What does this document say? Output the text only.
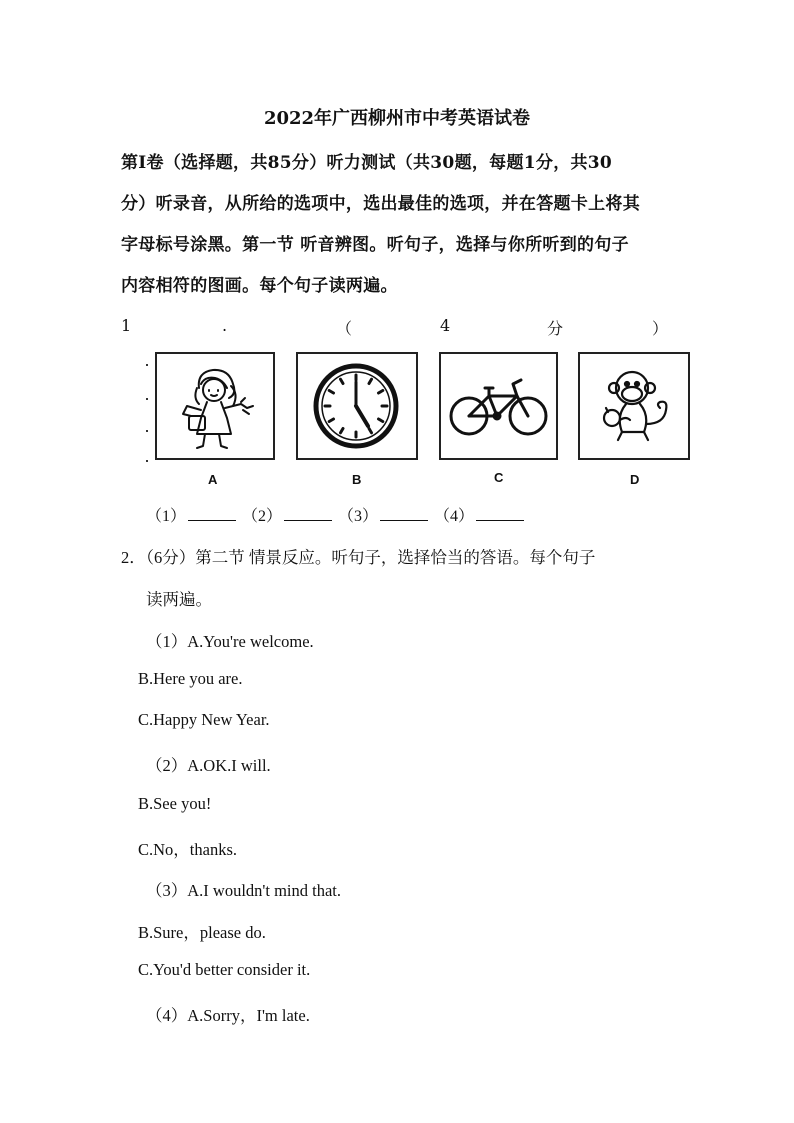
2022年广西柳州市中考英语试卷
第Ⅰ卷（选择题，共85分）听力测试（共30题，每题1分，共30
分）听录音，从所给的选项中，选出最佳的选项，并在答题卡上将其
字母标号涂黑。第一节 听音辨图。听句子，选择与你所听到的句子
内容相符的图画。每个句子读两遍。
1	.	（	4	分	）
A	B	C	D
（1）	（2）	（3）	（4）
2．（6分）第二节 情景反应。听句子，选择恰当的答语。每个句子
读两遍。
（1）A.You're welcome.
B.Here you are.
C.Happy New Year.
（2）A.OK.I will.
B.See you!
C.No，thanks.
（3）A.I wouldn't mind that.
B.Sure，please do.
C.You'd better consider it.
（4）A.Sorry，I'm late.
